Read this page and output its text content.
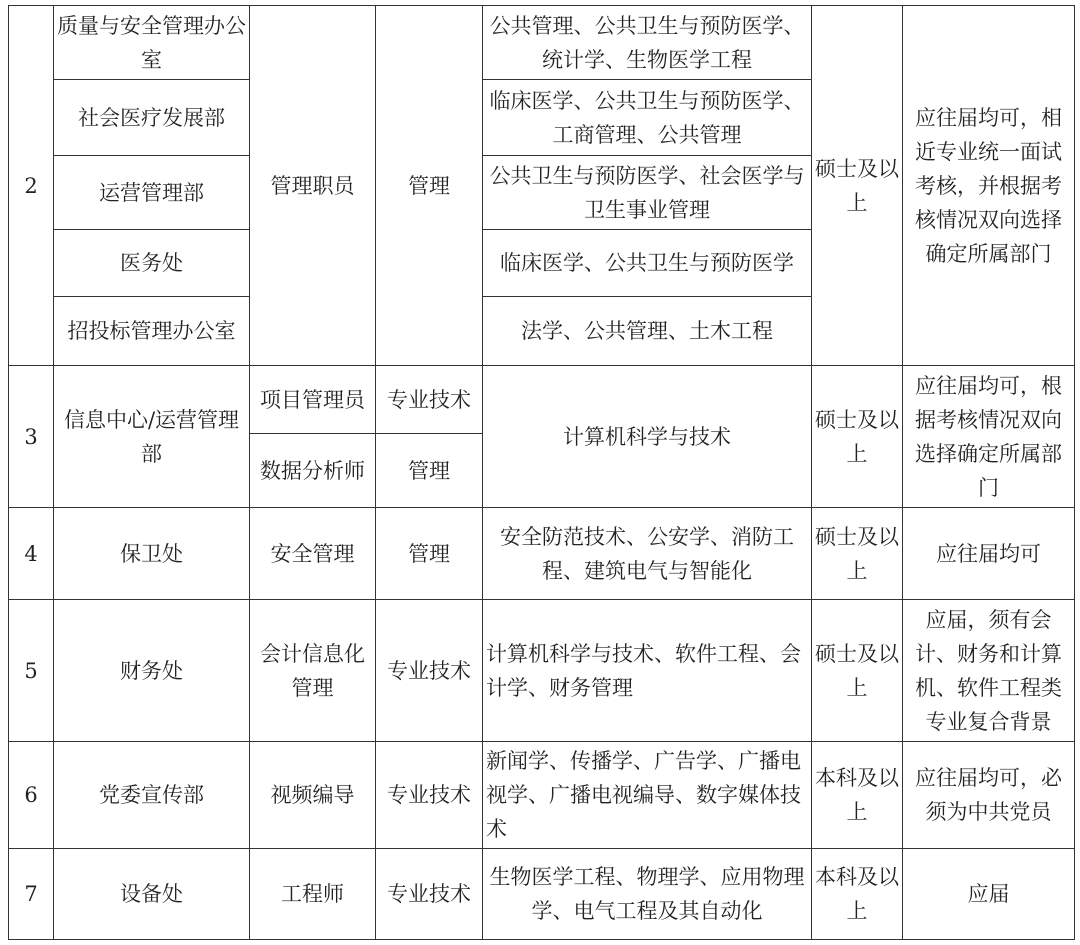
2	质量与安全管理办公室	管理职员	管理	公共管理、公共卫生与预防医学、统计学、生物医学工程	硕士及以上	应往届均可，相近专业统一面试考核，并根据考核情况双向选择确定所属部门
	社会医疗发展部			临床医学、公共卫生与预防医学、工商管理、公共管理		
	运营管理部			公共卫生与预防医学、社会医学与卫生事业管理		
	医务处			临床医学、公共卫生与预防医学		
	招投标管理办公室			法学、公共管理、土木工程		
3	信息中心/运营管理部	项目管理员	专业技术	计算机科学与技术	硕士及以上	应往届均可，根据考核情况双向选择确定所属部门
		数据分析师	管理			
4	保卫处	安全管理	管理	安全防范技术、公安学、消防工程、建筑电气与智能化	硕士及以上	应往届均可
5	财务处	会计信息化管理	专业技术	计算机科学与技术、软件工程、会计学、财务管理	硕士及以上	应届，须有会计、财务和计算机、软件工程类专业复合背景
6	党委宣传部	视频编导	专业技术	新闻学、传播学、广告学、广播电视学、广播电视编导、数字媒体技术	本科及以上	应往届均可，必须为中共党员
7	设备处	工程师	专业技术	生物医学工程、物理学、应用物理学、电气工程及其自动化	本科及以上	应届
